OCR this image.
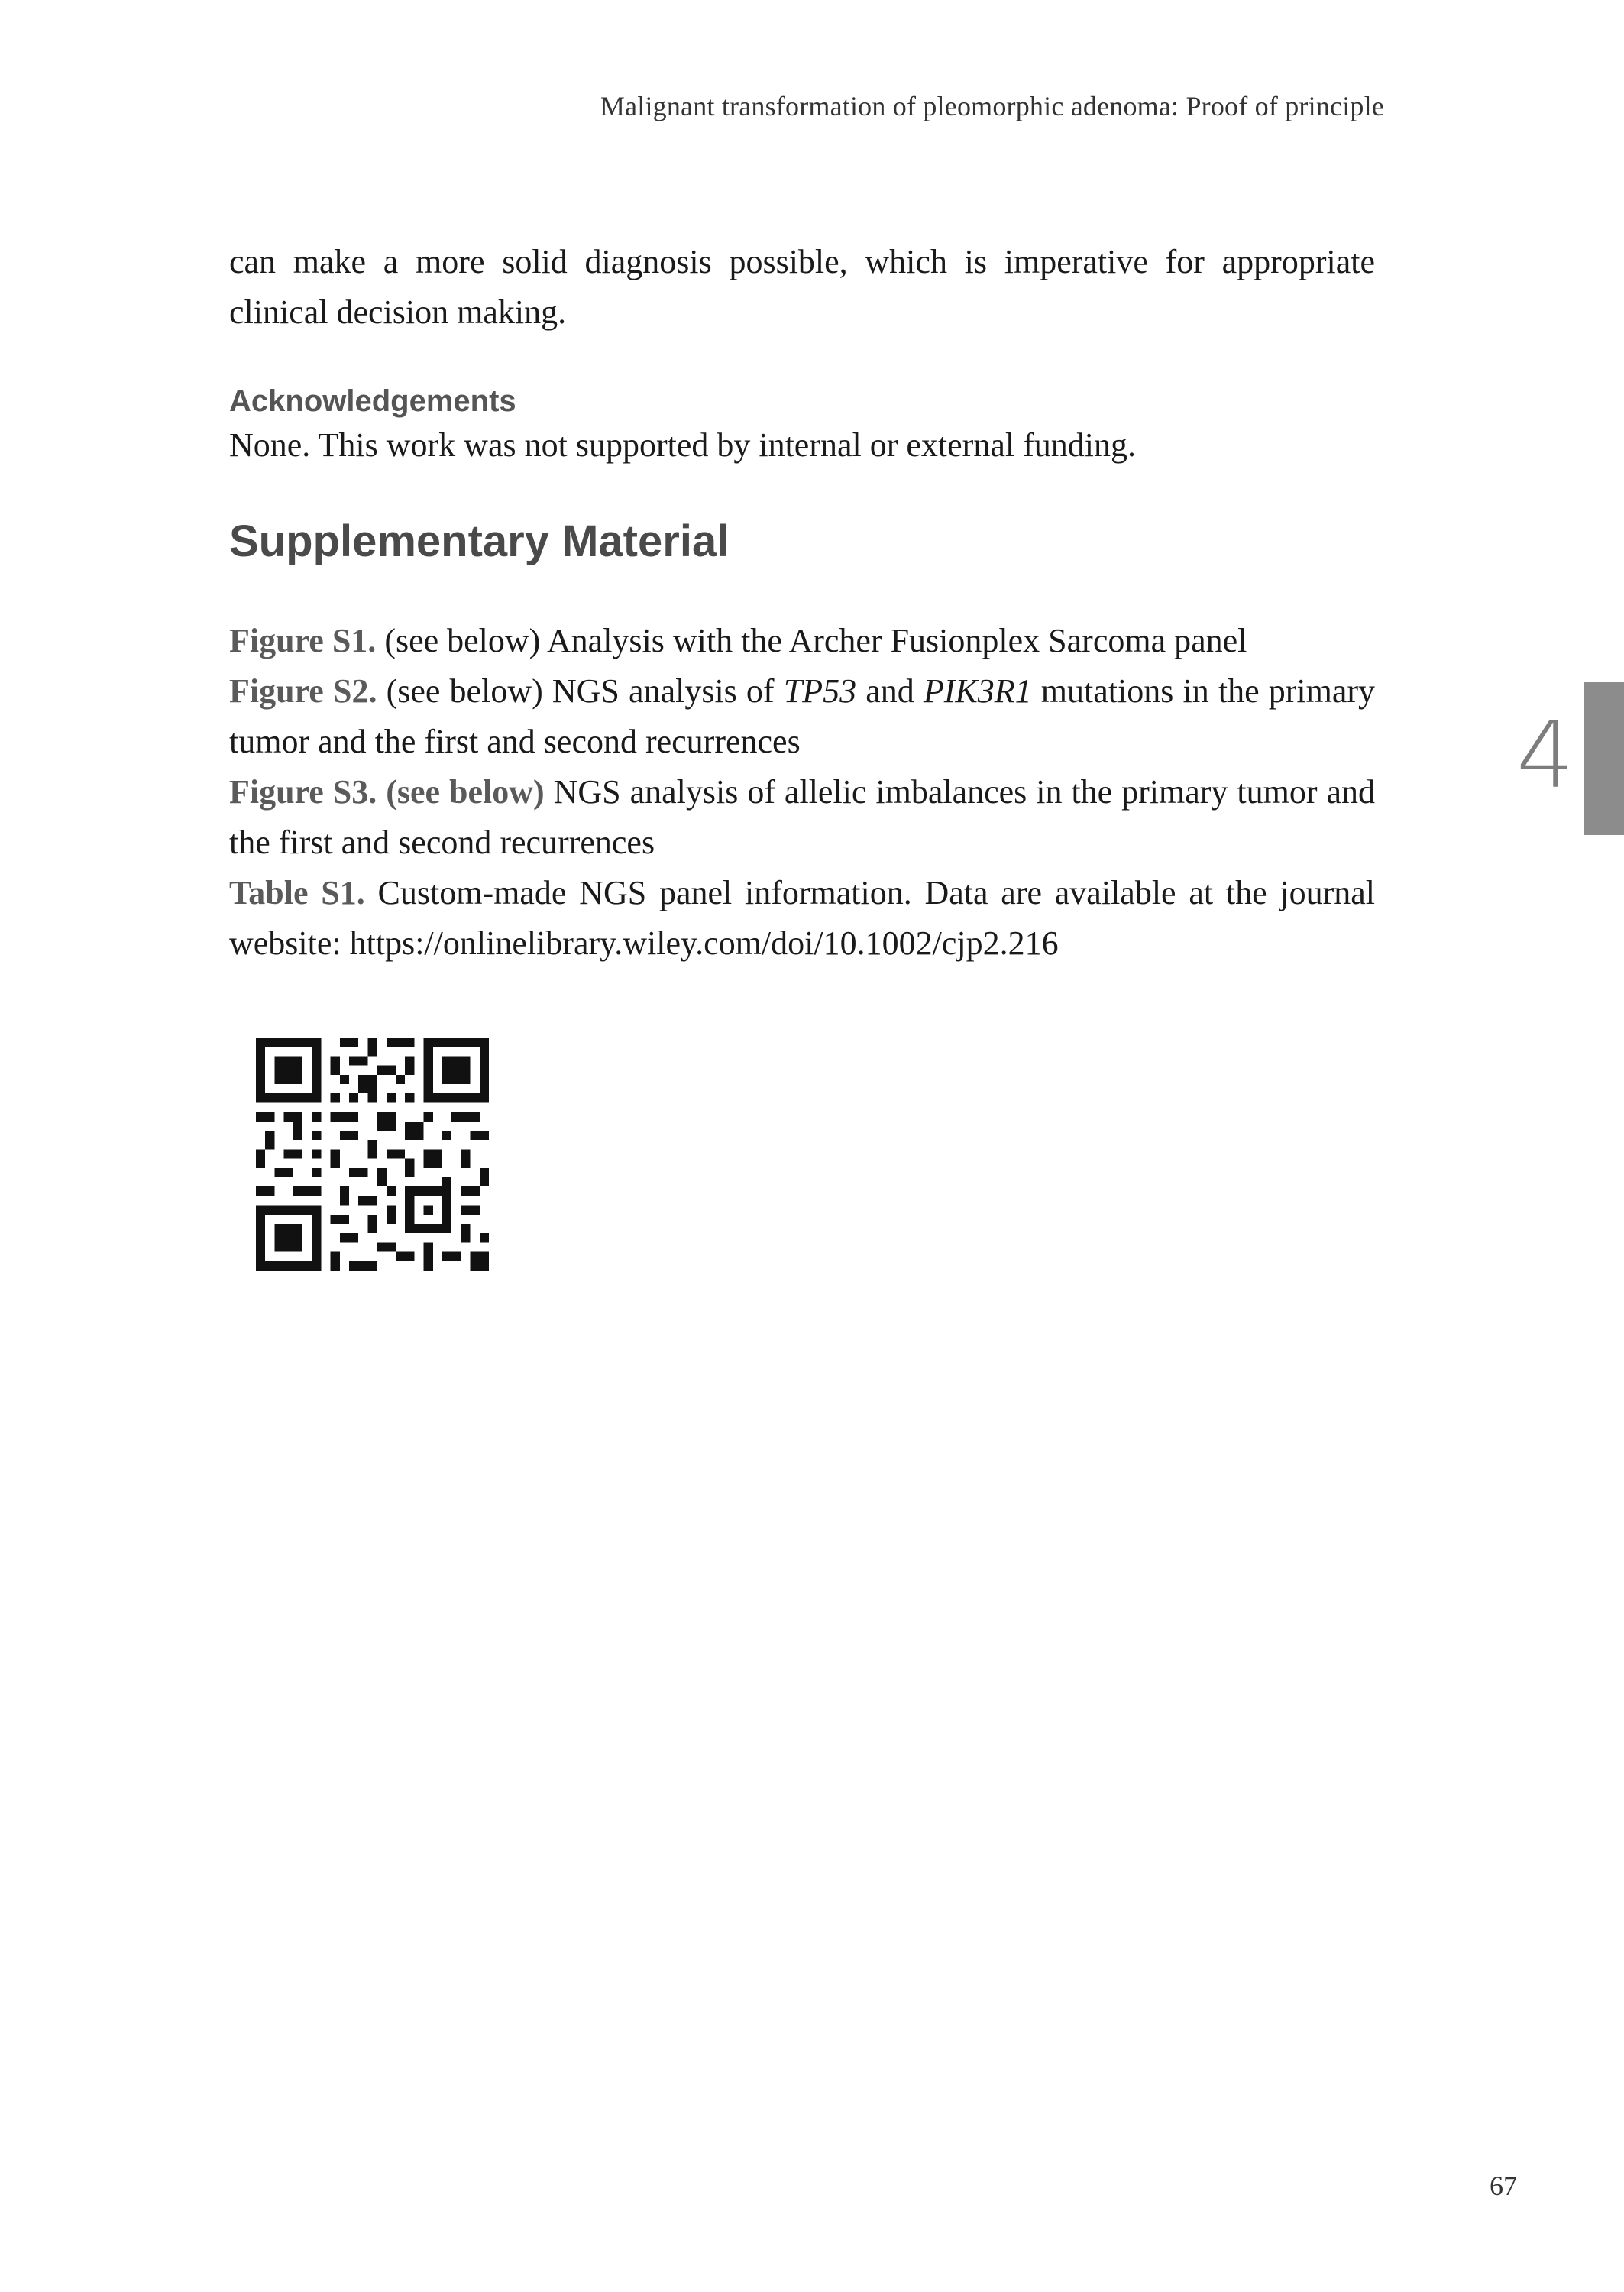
Malignant transformation of pleomorphic adenoma: Proof of principle

can make a more solid diagnosis possible, which is imperative for appropriate clinical decision making.

Acknowledgements

None. This work was not supported by internal or external funding.

Supplementary Material

Figure S1. (see below) Analysis with the Archer Fusionplex Sarcoma panel

Figure S2. (see below) NGS analysis of TP53 and PIK3R1 mutations in the primary tumor and the first and second recurrences

Figure S3. (see below) NGS analysis of allelic imbalances in the primary tumor and the first and second recurrences

Table S1. Custom-made NGS panel information. Data are available at the journal website: https://onlinelibrary.wiley.com/doi/10.1002/cjp2.216

4
67
